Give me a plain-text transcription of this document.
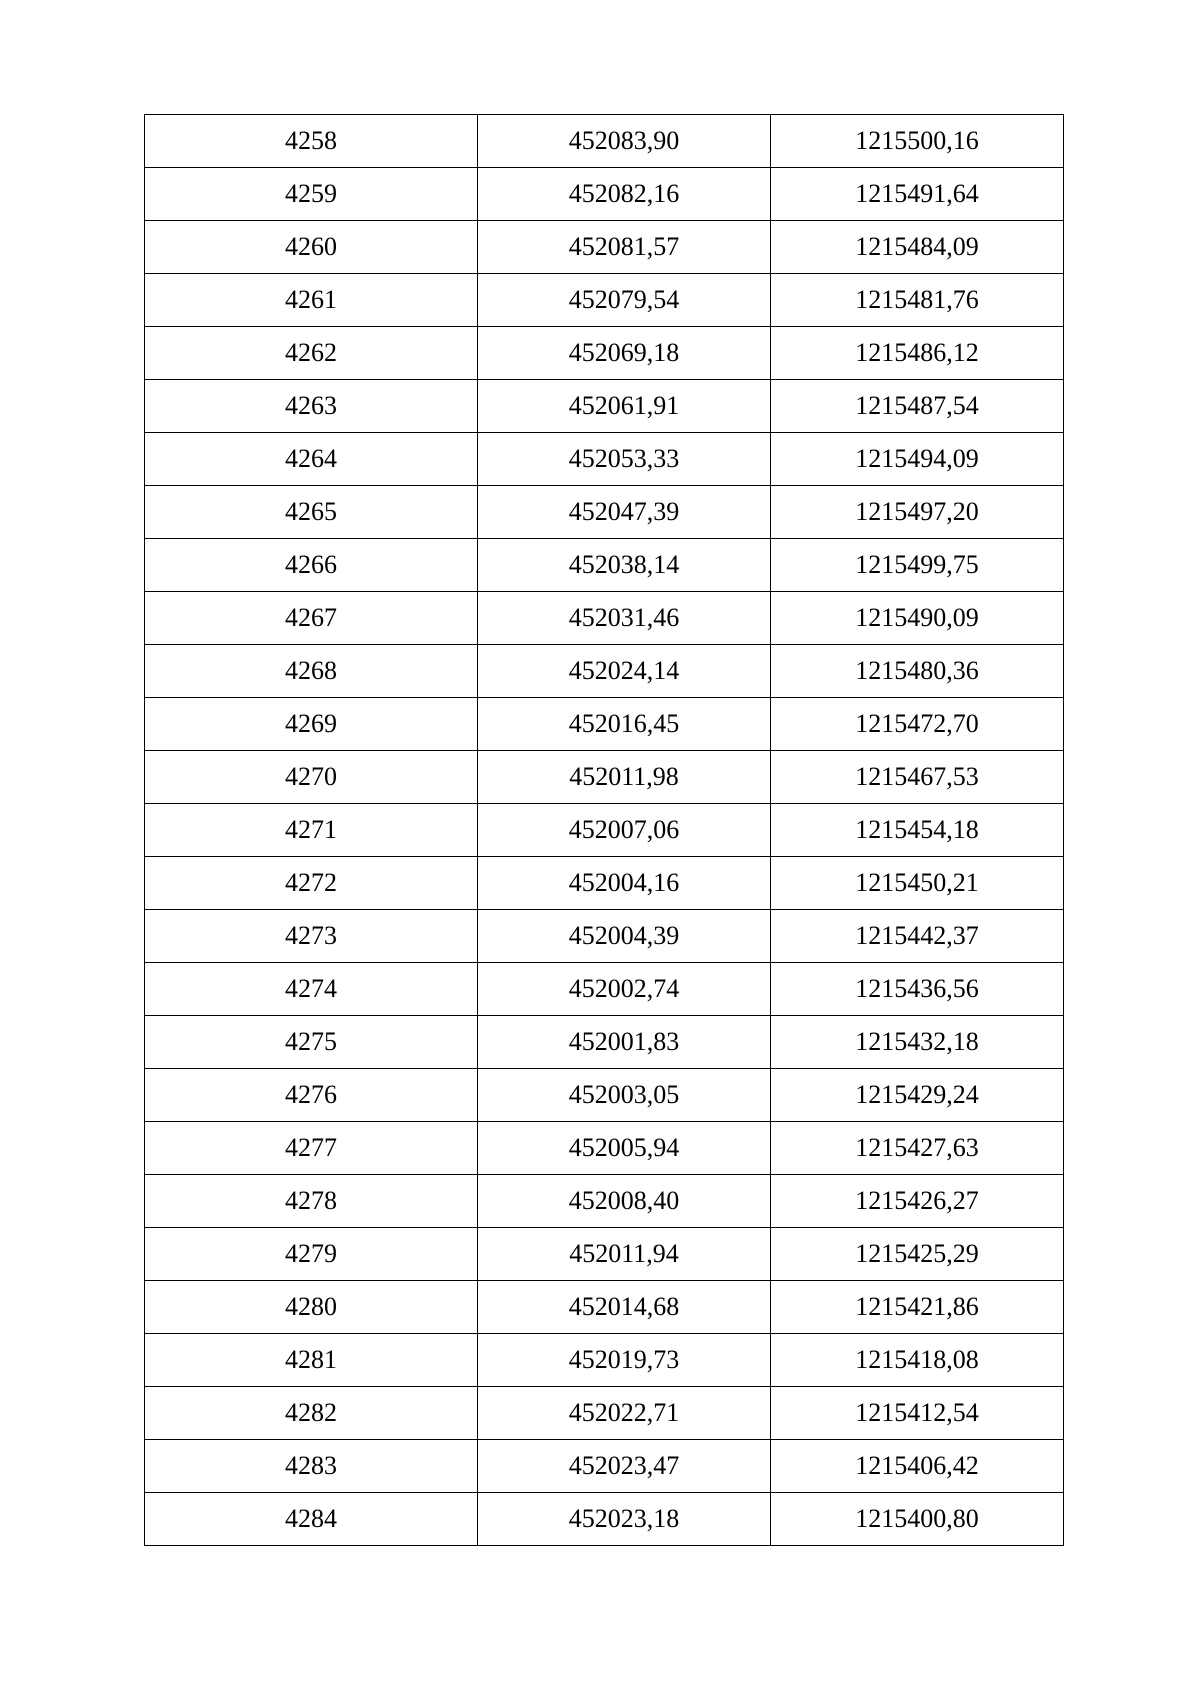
4258	452083,90	1215500,16
4259	452082,16	1215491,64
4260	452081,57	1215484,09
4261	452079,54	1215481,76
4262	452069,18	1215486,12
4263	452061,91	1215487,54
4264	452053,33	1215494,09
4265	452047,39	1215497,20
4266	452038,14	1215499,75
4267	452031,46	1215490,09
4268	452024,14	1215480,36
4269	452016,45	1215472,70
4270	452011,98	1215467,53
4271	452007,06	1215454,18
4272	452004,16	1215450,21
4273	452004,39	1215442,37
4274	452002,74	1215436,56
4275	452001,83	1215432,18
4276	452003,05	1215429,24
4277	452005,94	1215427,63
4278	452008,40	1215426,27
4279	452011,94	1215425,29
4280	452014,68	1215421,86
4281	452019,73	1215418,08
4282	452022,71	1215412,54
4283	452023,47	1215406,42
4284	452023,18	1215400,80
